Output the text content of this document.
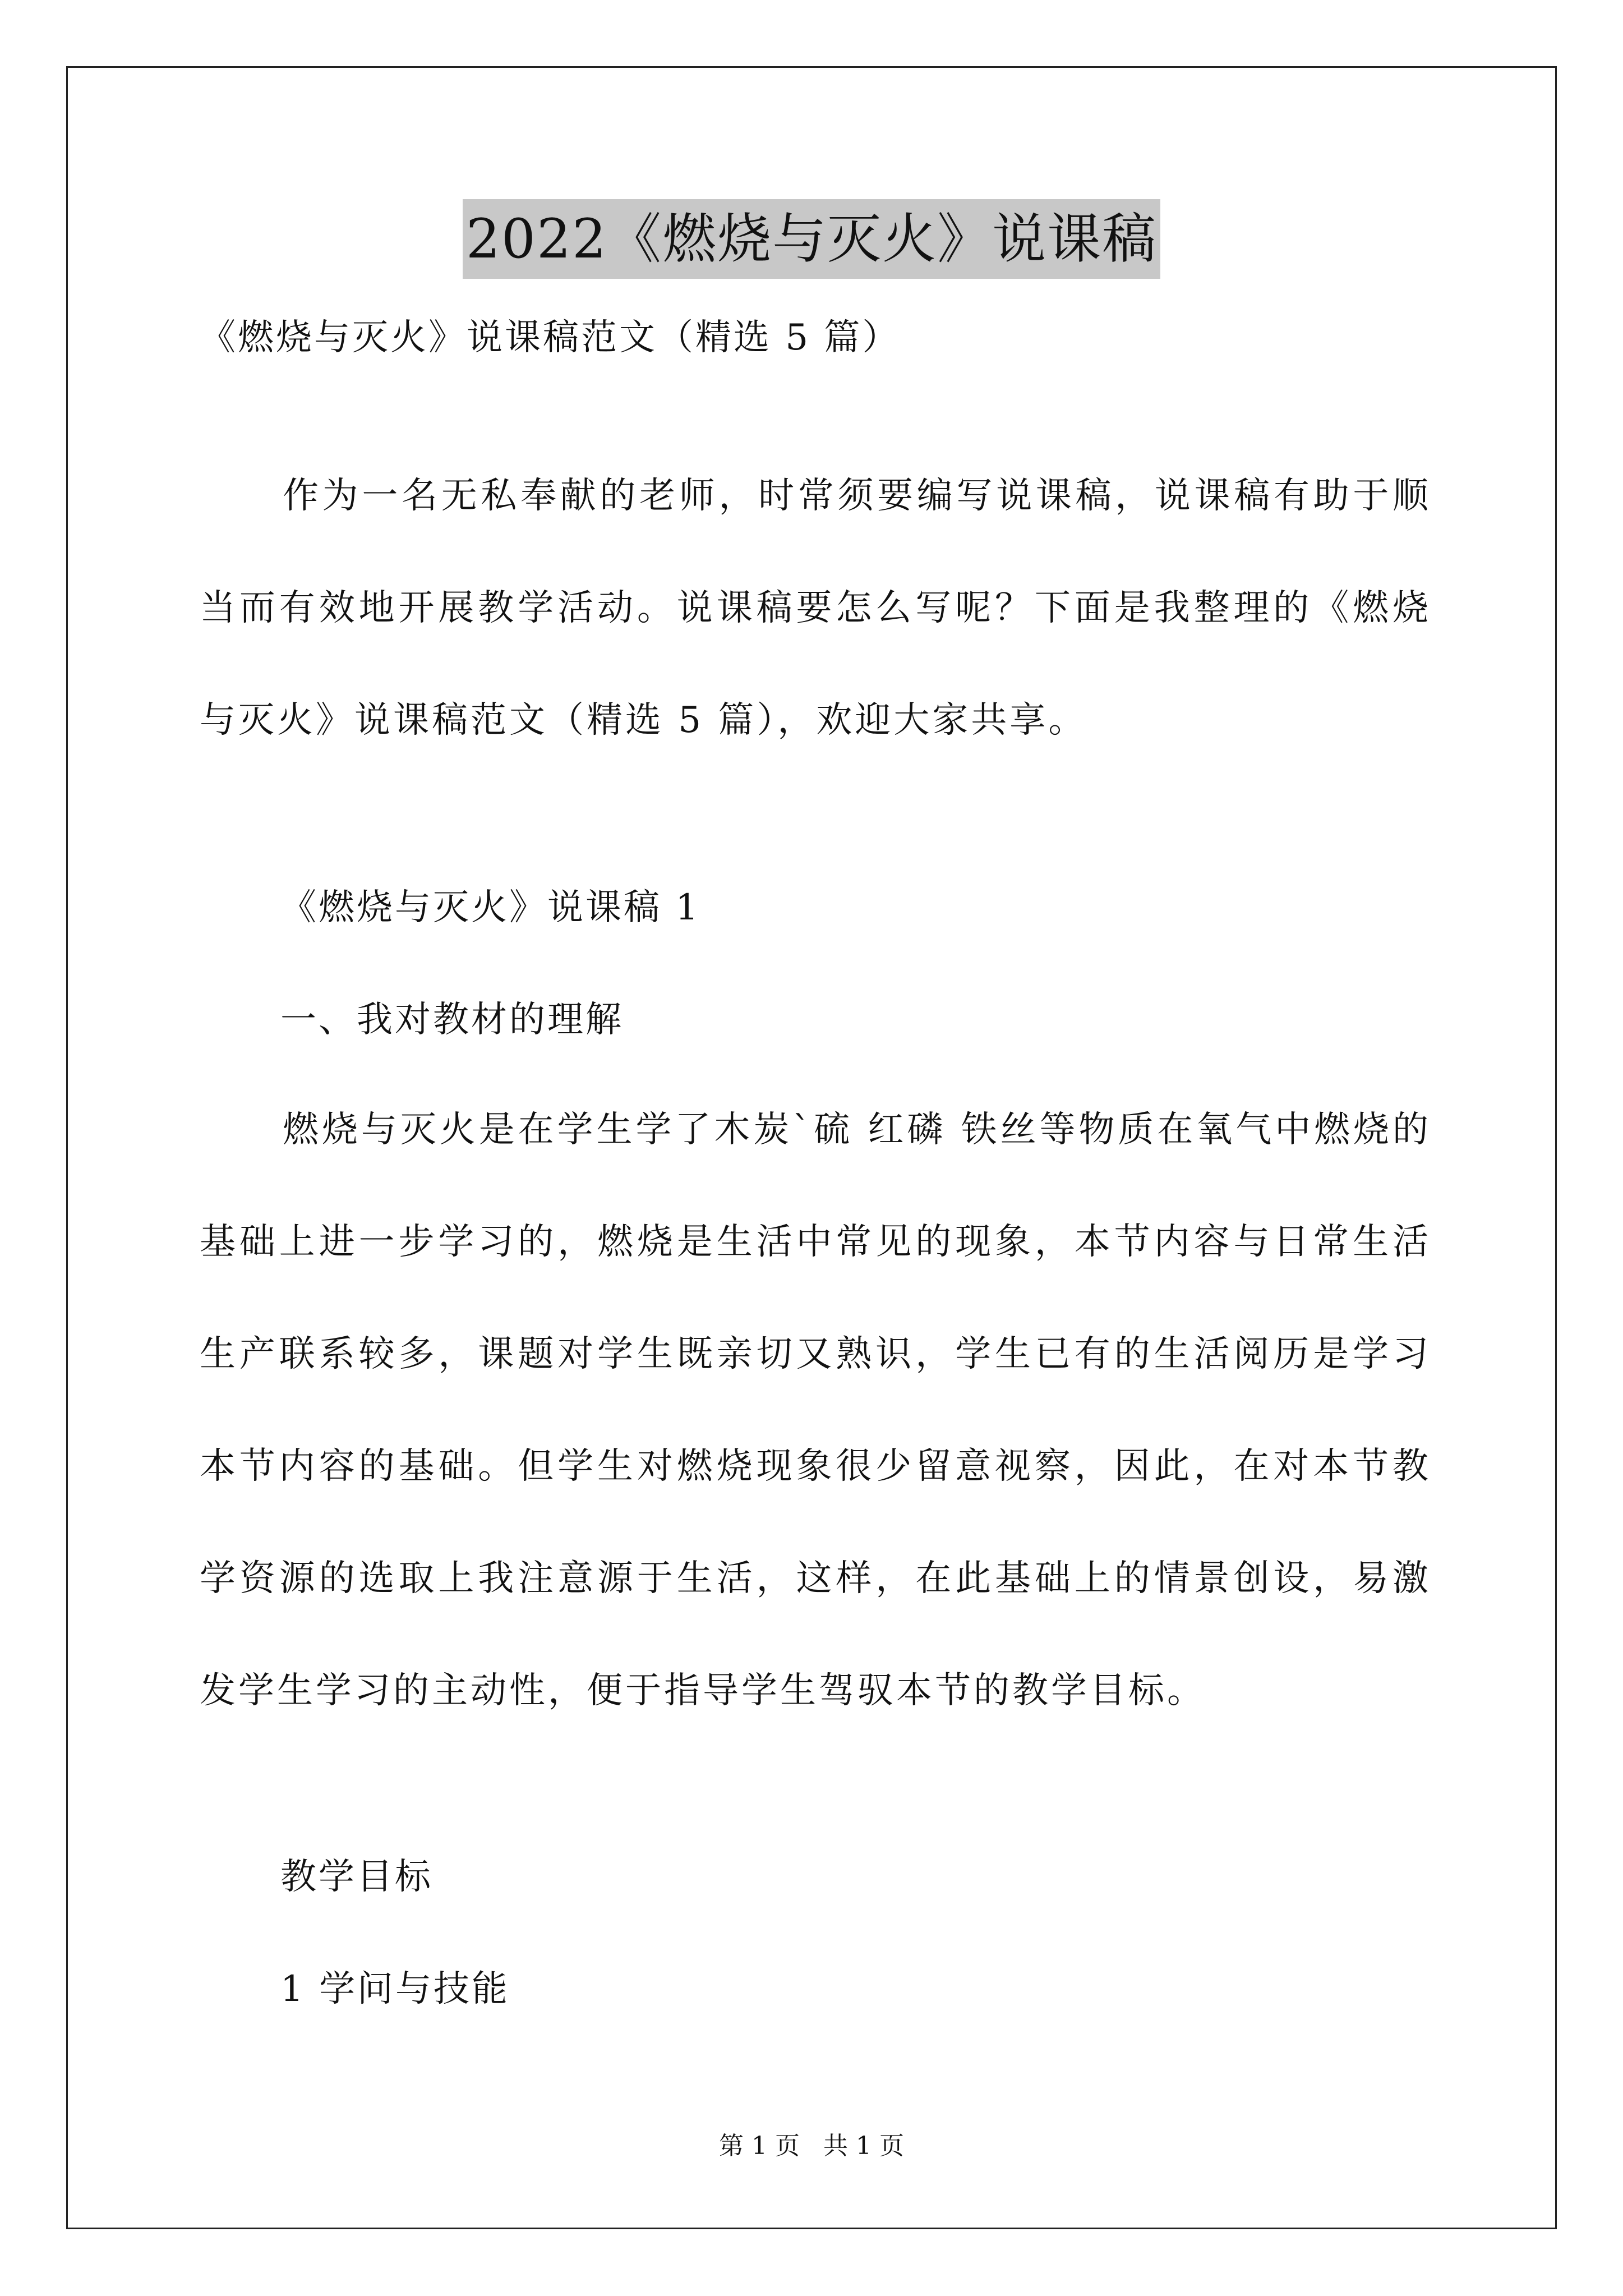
2022《燃烧与灭火》说课稿
《燃烧与灭火》说课稿范文（精选 5 篇）
作为一名无私奉献的老师，时常须要编写说课稿，说课稿有助于顺当而有效地开展教学活动。说课稿要怎么写呢？下面是我整理的《燃烧与灭火》说课稿范文（精选 5 篇），欢迎大家共享。
《燃烧与灭火》说课稿 1
一、我对教材的理解
燃烧与灭火是在学生学了木炭`硫 红磷 铁丝等物质在氧气中燃烧的基础上进一步学习的，燃烧是生活中常见的现象，本节内容与日常生活生产联系较多，课题对学生既亲切又熟识，学生已有的生活阅历是学习本节内容的基础。但学生对燃烧现象很少留意视察，因此，在对本节教学资源的选取上我注意源于生活，这样，在此基础上的情景创设，易激发学生学习的主动性，便于指导学生驾驭本节的教学目标。
教学目标
1 学问与技能
第 1 页 共 1 页
